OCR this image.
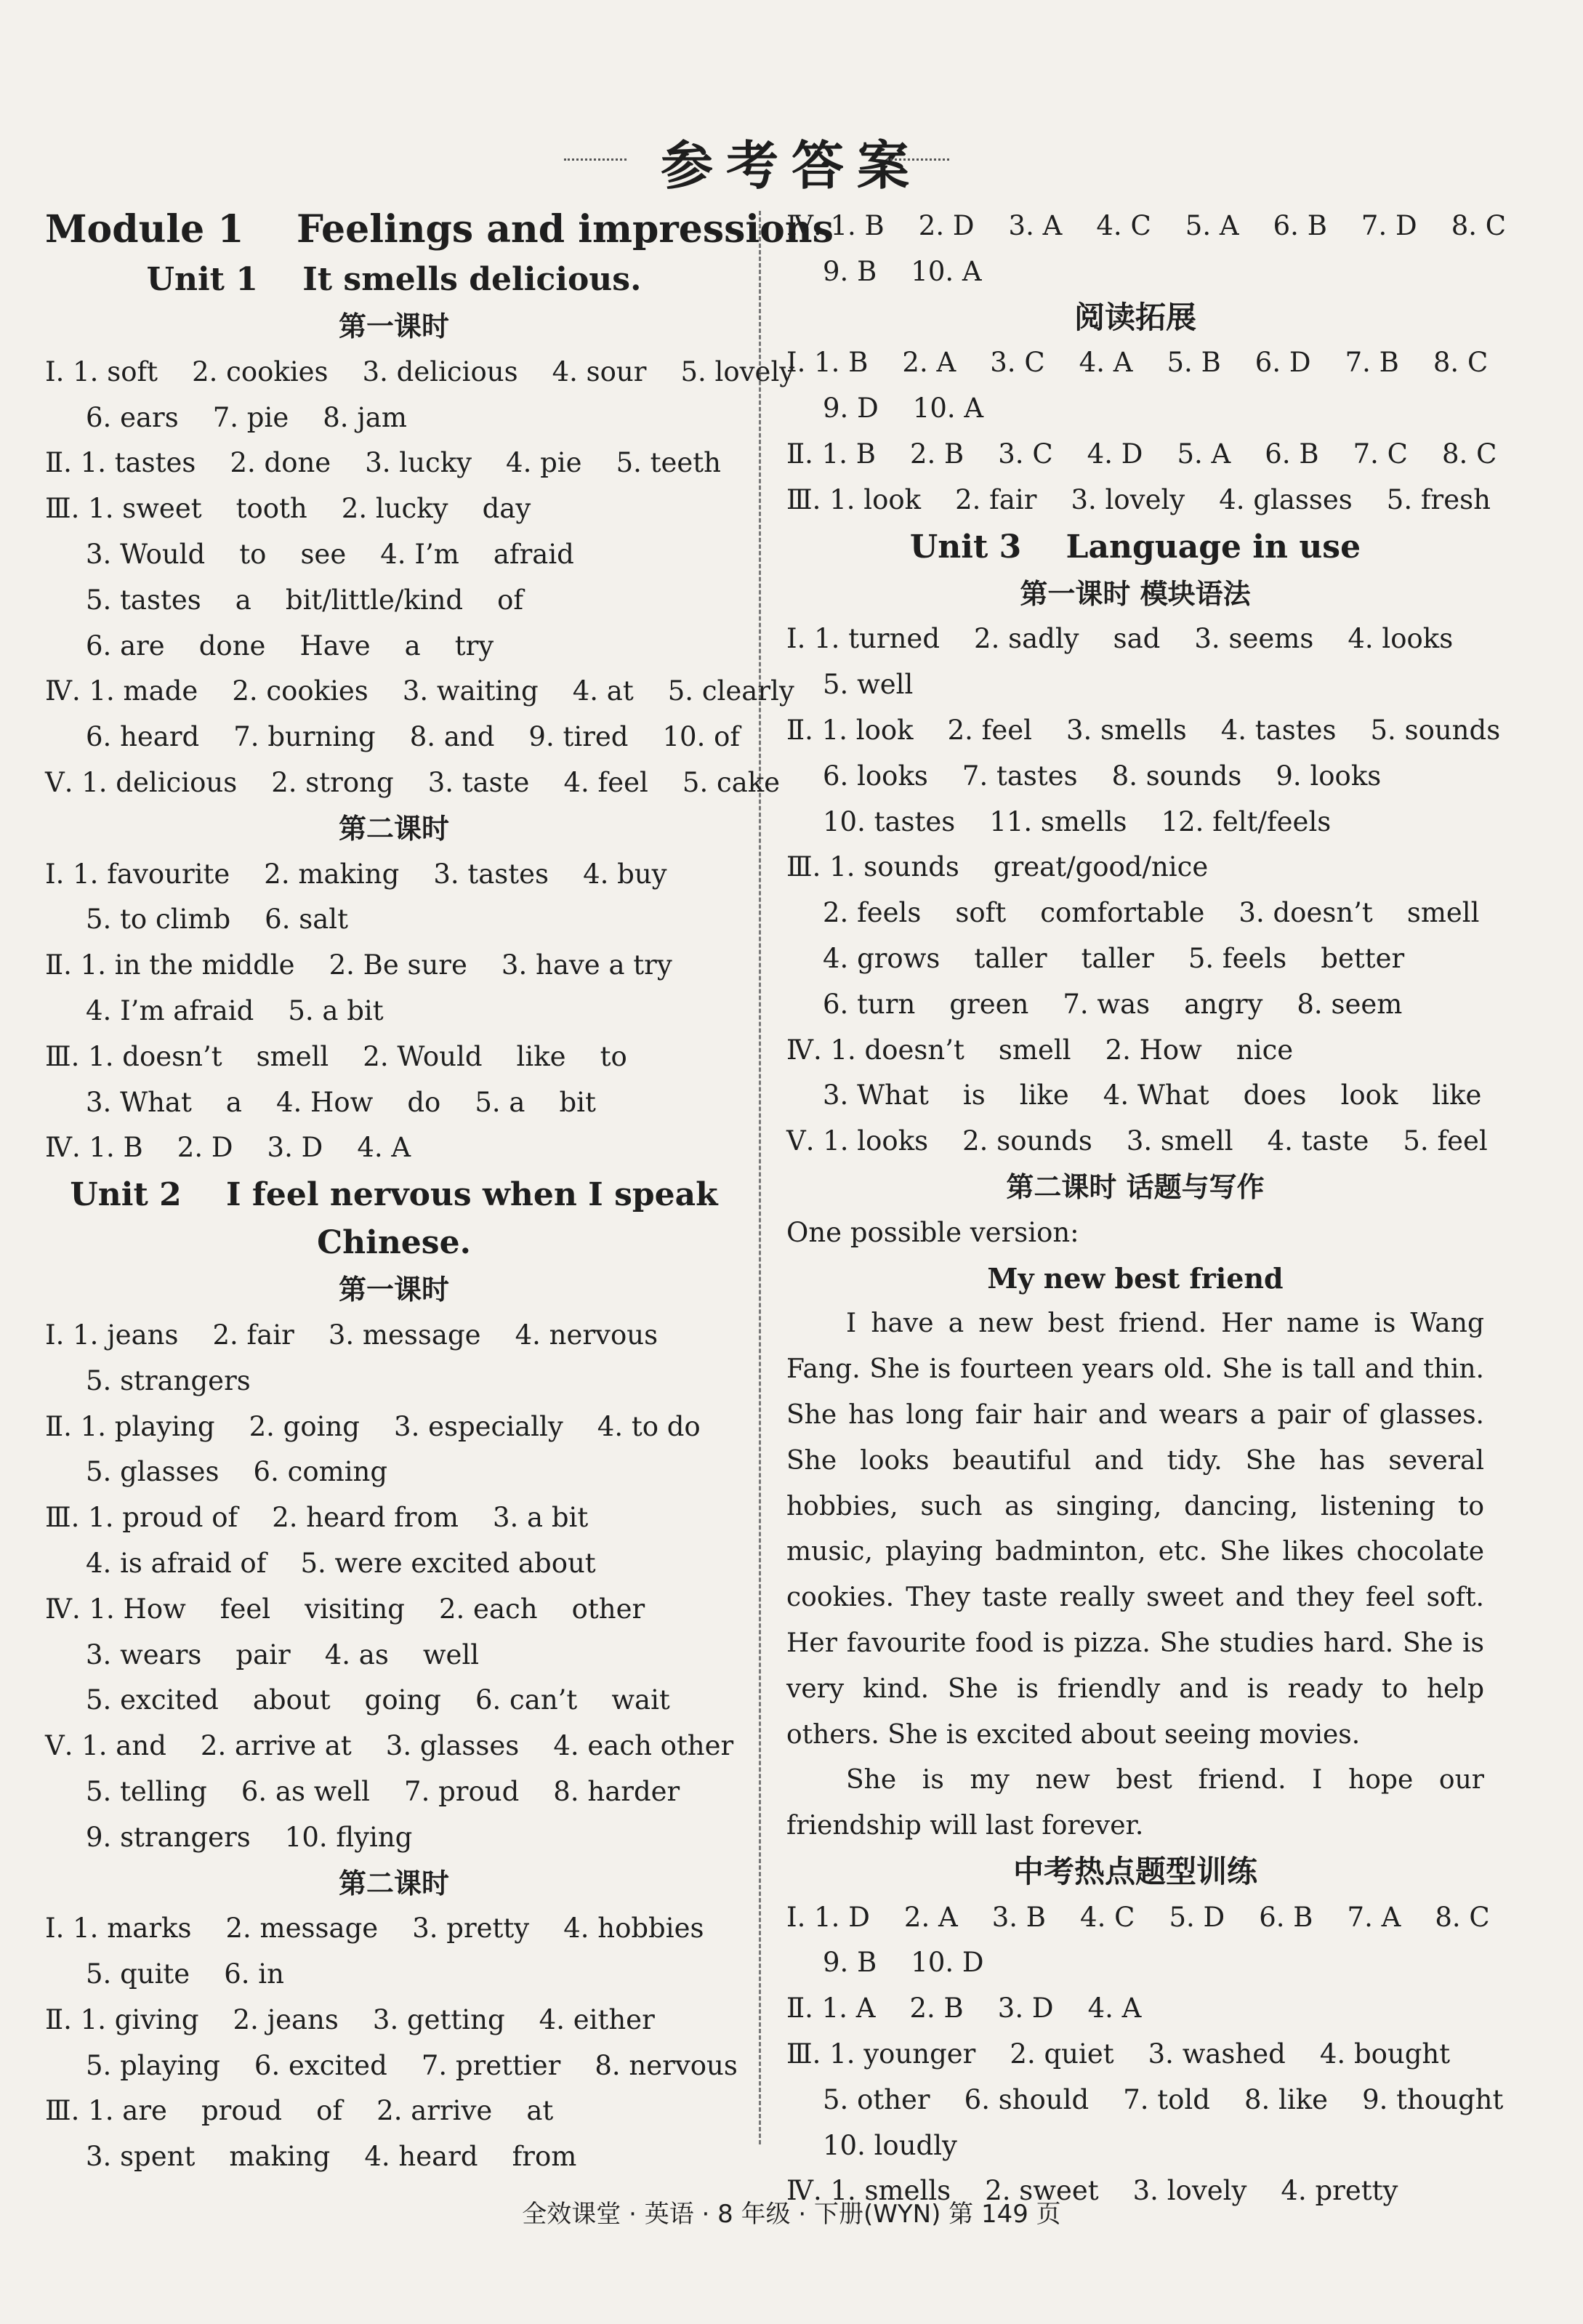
参考答案
Module 1    Feelings and impressions
Unit 1    It smells delicious.
第一课时
Ⅰ. 1. soft    2. cookies    3. delicious    4. sour    5. lovely
6. ears    7. pie    8. jam
Ⅱ. 1. tastes    2. done    3. lucky    4. pie    5. teeth
Ⅲ. 1. sweet    tooth    2. lucky    day
3. Would    to    see    4. I’m    afraid
5. tastes    a    bit/little/kind    of
6. are    done    Have    a    try
Ⅳ. 1. made    2. cookies    3. waiting    4. at    5. clearly
6. heard    7. burning    8. and    9. tired    10. of
Ⅴ. 1. delicious    2. strong    3. taste    4. feel    5. cake
第二课时
Ⅰ. 1. favourite    2. making    3. tastes    4. buy
5. to climb    6. salt
Ⅱ. 1. in the middle    2. Be sure    3. have a try
4. I’m afraid    5. a bit
Ⅲ. 1. doesn’t    smell    2. Would    like    to
3. What    a    4. How    do    5. a    bit
Ⅳ. 1. B    2. D    3. D    4. A
Unit 2    I feel nervous when I speak
Chinese.
第一课时
Ⅰ. 1. jeans    2. fair    3. message    4. nervous
5. strangers
Ⅱ. 1. playing    2. going    3. especially    4. to do
5. glasses    6. coming
Ⅲ. 1. proud of    2. heard from    3. a bit
4. is afraid of    5. were excited about
Ⅳ. 1. How    feel    visiting    2. each    other
3. wears    pair    4. as    well
5. excited    about    going    6. can’t    wait
Ⅴ. 1. and    2. arrive at    3. glasses    4. each other
5. telling    6. as well    7. proud    8. harder
9. strangers    10. flying
第二课时
Ⅰ. 1. marks    2. message    3. pretty    4. hobbies
5. quite    6. in
Ⅱ. 1. giving    2. jeans    3. getting    4. either
5. playing    6. excited    7. prettier    8. nervous
Ⅲ. 1. are    proud    of    2. arrive    at
3. spent    making    4. heard    from
Ⅳ. 1. B    2. D    3. A    4. C    5. A    6. B    7. D    8. C
9. B    10. A
阅读拓展
Ⅰ. 1. B    2. A    3. C    4. A    5. B    6. D    7. B    8. C
9. D    10. A
Ⅱ. 1. B    2. B    3. C    4. D    5. A    6. B    7. C    8. C
Ⅲ. 1. look    2. fair    3. lovely    4. glasses    5. fresh
Unit 3    Language in use
第一课时 模块语法
Ⅰ. 1. turned    2. sadly    sad    3. seems    4. looks
5. well
Ⅱ. 1. look    2. feel    3. smells    4. tastes    5. sounds
6. looks    7. tastes    8. sounds    9. looks
10. tastes    11. smells    12. felt/feels
Ⅲ. 1. sounds    great/good/nice
2. feels    soft    comfortable    3. doesn’t    smell
4. grows    taller    taller    5. feels    better
6. turn    green    7. was    angry    8. seem
Ⅳ. 1. doesn’t    smell    2. How    nice
3. What    is    like    4. What    does    look    like
Ⅴ. 1. looks    2. sounds    3. smell    4. taste    5. feel
第二课时 话题与写作
One possible version:
My new best friend
I have a new best friend. Her name is Wang Fang. She is fourteen years old. She is tall and thin. She has long fair hair and wears a pair of glasses. She looks beautiful and tidy. She has several hobbies, such as singing, dancing, listening to music, playing badminton, etc. She likes chocolate cookies. They taste really sweet and they feel soft. Her favourite food is pizza. She studies hard. She is very kind. She is friendly and is ready to help others. She is excited about seeing movies.
She is my new best friend. I hope our friendship will last forever.
中考热点题型训练
Ⅰ. 1. D    2. A    3. B    4. C    5. D    6. B    7. A    8. C
9. B    10. D
Ⅱ. 1. A    2. B    3. D    4. A
Ⅲ. 1. younger    2. quiet    3. washed    4. bought
5. other    6. should    7. told    8. like    9. thought
10. loudly
Ⅳ. 1. smells    2. sweet    3. lovely    4. pretty
全效课堂 · 英语 · 8 年级 · 下册(WYN) 第 149 页
